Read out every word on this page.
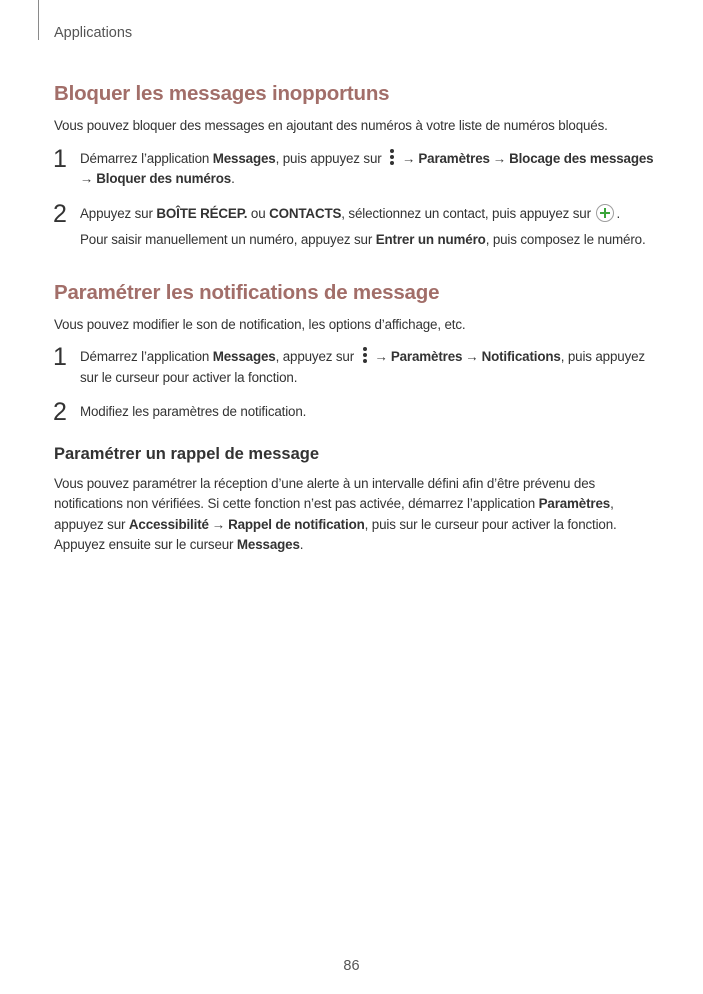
Applications
Bloquer les messages inopportuns

Vous pouvez bloquer des messages en ajoutant des numéros à votre liste de numéros bloqués.

1 Démarrez l’application Messages, puis appuyez sur
→ Paramètres → Blocage des messages
→ Bloquer des numéros.

2 Appuyez sur BOÎTE RÉCEP. ou CONTACTS, sélectionnez un contact, puis appuyez sur .

Pour saisir manuellement un numéro, appuyez sur Entrer un numéro, puis composez le numéro.

Paramétrer les notifications de message

Vous pouvez modifier le son de notification, les options d’affichage, etc.

1 Démarrez l’application Messages, appuyez sur
→ Paramètres → Notifications, puis appuyez sur le curseur pour activer la fonction.

2 Modifiez les paramètres de notification.

Paramétrer un rappel de message

Vous pouvez paramétrer la réception d’une alerte à un intervalle défini afin d’être prévenu des notifications non vérifiées. Si cette fonction n’est pas activée, démarrez l’application Paramètres, appuyez sur Accessibilité → Rappel de notification, puis sur le curseur pour activer la fonction. Appuyez ensuite sur le curseur Messages.

86
